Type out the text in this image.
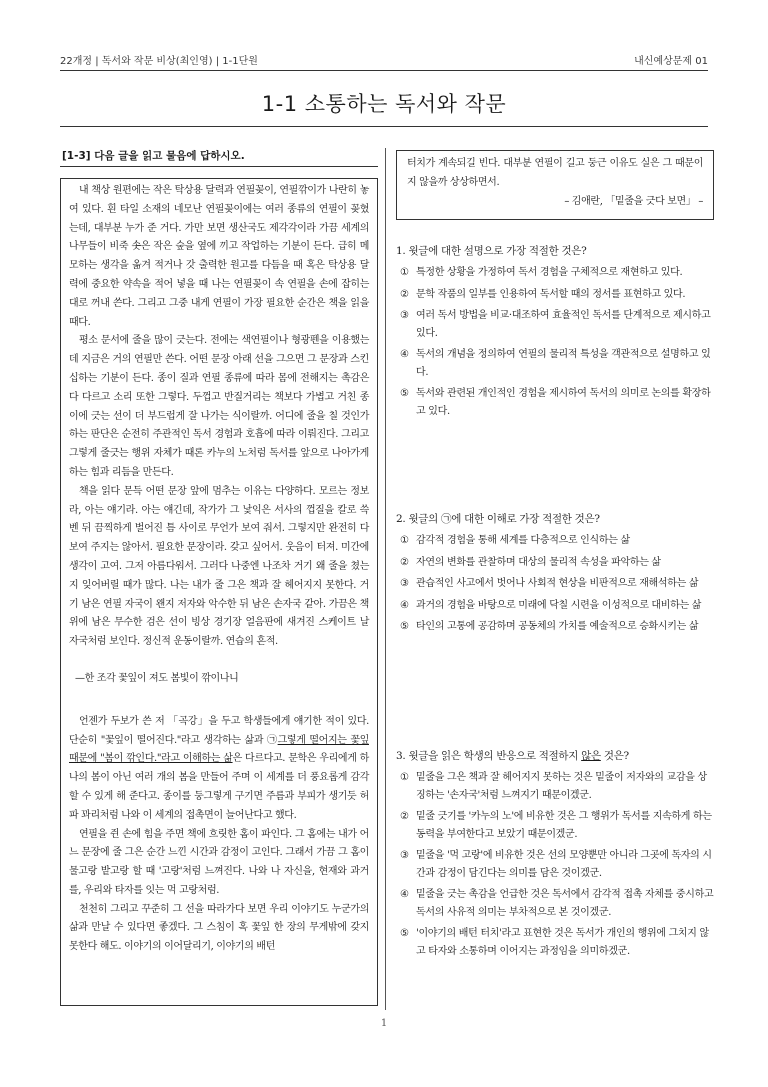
22개정 | 독서와 작문 비상(최인영) | 1-1단원	내신예상문제 01
1-1 소통하는 독서와 작문
[1-3] 다음 글을 읽고 물음에 답하시오.

내 책상 원편에는 작은 탁상용 달력과 연필꽂이, 연필깎이가 나란히 놓여 있다. 흰 타일 소재의 네모난 연필꽂이에는 여러 종류의 연필이 꽂혔는데, 대부분 누가 준 거다. 가만 보면 생산국도 제각각이라 가끔 세계의 나무들이 비죽 솟은 작은 숲을 옆에 끼고 작업하는 기분이 든다. 급히 메모하는 생각을 옮겨 적거나 갓 출력한 원고를 다듬을 때 혹은 탁상용 달력에 중요한 약속을 적어 넣을 때 나는 연필꽂이 속 연필을 손에 잡히는 대로 꺼내 쓴다. 그리고 그중 내게 연필이 가장 필요한 순간은 책을 읽을 때다.

평소 문서에 줄을 많이 긋는다. 전에는 색연필이나 형광펜을 이용했는데 지금은 거의 연필만 쓴다. 어떤 문장 아래 선을 그으면 그 문장과 스킨십하는 기분이 든다. 종이 질과 연필 종류에 따라 몸에 전해지는 촉감은 다 다르고 소리 또한 그렇다. 두껍고 반질거리는 책보다 가볍고 거친 종이에 긋는 선이 더 부드럽게 잘 나가는 식이랄까. 어디에 줄을 칠 것인가 하는 판단은 순전히 주관적인 독서 경험과 호흡에 따라 이뤄진다. 그리고 그렇게 줄긋는 행위 자체가 때론 카누의 노처럼 독서를 앞으로 나아가게 하는 힘과 리듬을 만든다.

책을 읽다 문득 어떤 문장 앞에 멈추는 이유는 다양하다. 모르는 정보라, 아는 얘기라. 아는 얘긴데, 작가가 그 낯익은 서사의 껍질을 칼로 쓱 벤 뒤 끔찍하게 벌어진 틈 사이로 무언가 보여 줘서. 그렇지만 완전히 다 보여 주지는 않아서. 필요한 문장이라. 갖고 싶어서. 웃음이 터져. 미간에 생각이 고여. 그저 아름다워서. 그러다 나중엔 나조차 거기 왜 줄을 쳤는지 잊어버릴 때가 많다. 나는 내가 줄 그은 책과 잘 헤어지지 못한다. 거기 남은 연필 자국이 왠지 저자와 악수한 뒤 남은 손자국 같아. 가끔은 책 위에 남은 무수한 검은 선이 빙상 경기장 얼음판에 새겨진 스케이트 날 자국처럼 보인다. 정신적 운동이랄까. 연습의 흔적.

—한 조각 꽃잎이 져도 봄빛이 깎이나니

언젠가 두보가 쓴 저 「곡강」을 두고 학생들에게 얘기한 적이 있다. 단순히 "꽃잎이 떨어진다."라고 생각하는 삶과 ㉠그렇게 떨어지는 꽃잎 때문에 "봄이 깎인다."라고 이해하는 삶은 다르다고. 문학은 우리에게 하나의 봄이 아닌 여러 개의 봄을 만들어 주며 이 세계를 더 풍요롭게 감각할 수 있게 해 준다고. 종이를 둥그렇게 구기면 주름과 부피가 생기듯 허파 꽈리처럼 나와 이 세계의 접촉면이 늘어난다고 했다.

연필을 쥔 손에 힘을 주면 책에 흐릿한 홈이 파인다. 그 홈에는 내가 어느 문장에 줄 그은 순간 느낀 시간과 감정이 고인다. 그래서 가끔 그 홈이 물고랑 밭고랑 할 때 '고랑'처럼 느껴진다. 나와 나 자신을, 현재와 과거를, 우리와 타자를 잇는 먹 고랑처럼.

천천히 그리고 꾸준히 그 선을 따라가다 보면 우리 이야기도 누군가의 삶과 만날 수 있다면 좋겠다. 그 스침이 혹 꽃잎 한 장의 무게밖에 갖지 못한다 해도. 이야기의 이어달리기, 이야기의 배턴

터치가 계속되길 빈다. 대부분 연필이 길고 둥근 이유도 실은 그 때문이지 않을까 상상하면서.
– 김애란, 「밑줄을 긋다 보면」 –
1. 윗글에 대한 설명으로 가장 적절한 것은?
① 특정한 상황을 가정하여 독서 경험을 구체적으로 재현하고 있다.
② 문학 작품의 일부를 인용하여 독서할 때의 정서를 표현하고 있다.
③ 여러 독서 방법을 비교·대조하여 효율적인 독서를 단계적으로 제시하고 있다.
④ 독서의 개념을 정의하여 연필의 물리적 특성을 객관적으로 설명하고 있다.
⑤ 독서와 관련된 개인적인 경험을 제시하여 독서의 의미로 논의를 확장하고 있다.
2. 윗글의 ㉠에 대한 이해로 가장 적절한 것은?
① 감각적 경험을 통해 세계를 다층적으로 인식하는 삶
② 자연의 변화를 관찰하며 대상의 물리적 속성을 파악하는 삶
③ 관습적인 사고에서 벗어나 사회적 현상을 비판적으로 재해석하는 삶
④ 과거의 경험을 바탕으로 미래에 닥칠 시련을 이성적으로 대비하는 삶
⑤ 타인의 고통에 공감하며 공동체의 가치를 예술적으로 승화시키는 삶
3. 윗글을 읽은 학생의 반응으로 적절하지 않은 것은?
① 밑줄을 그은 책과 잘 헤어지지 못하는 것은 밑줄이 저자와의 교감을 상징하는 '손자국'처럼 느껴지기 때문이겠군.
② 밑줄 긋기를 '카누의 노'에 비유한 것은 그 행위가 독서를 지속하게 하는 동력을 부여한다고 보았기 때문이겠군.
③ 밑줄을 '먹 고랑'에 비유한 것은 선의 모양뿐만 아니라 그곳에 독자의 시간과 감정이 담긴다는 의미를 담은 것이겠군.
④ 밑줄을 긋는 촉감을 언급한 것은 독서에서 감각적 접촉 자체를 중시하고 독서의 사유적 의미는 부차적으로 본 것이겠군.
⑤ '이야기의 배턴 터치'라고 표현한 것은 독서가 개인의 행위에 그치지 않고 타자와 소통하며 이어지는 과정임을 의미하겠군.
1
